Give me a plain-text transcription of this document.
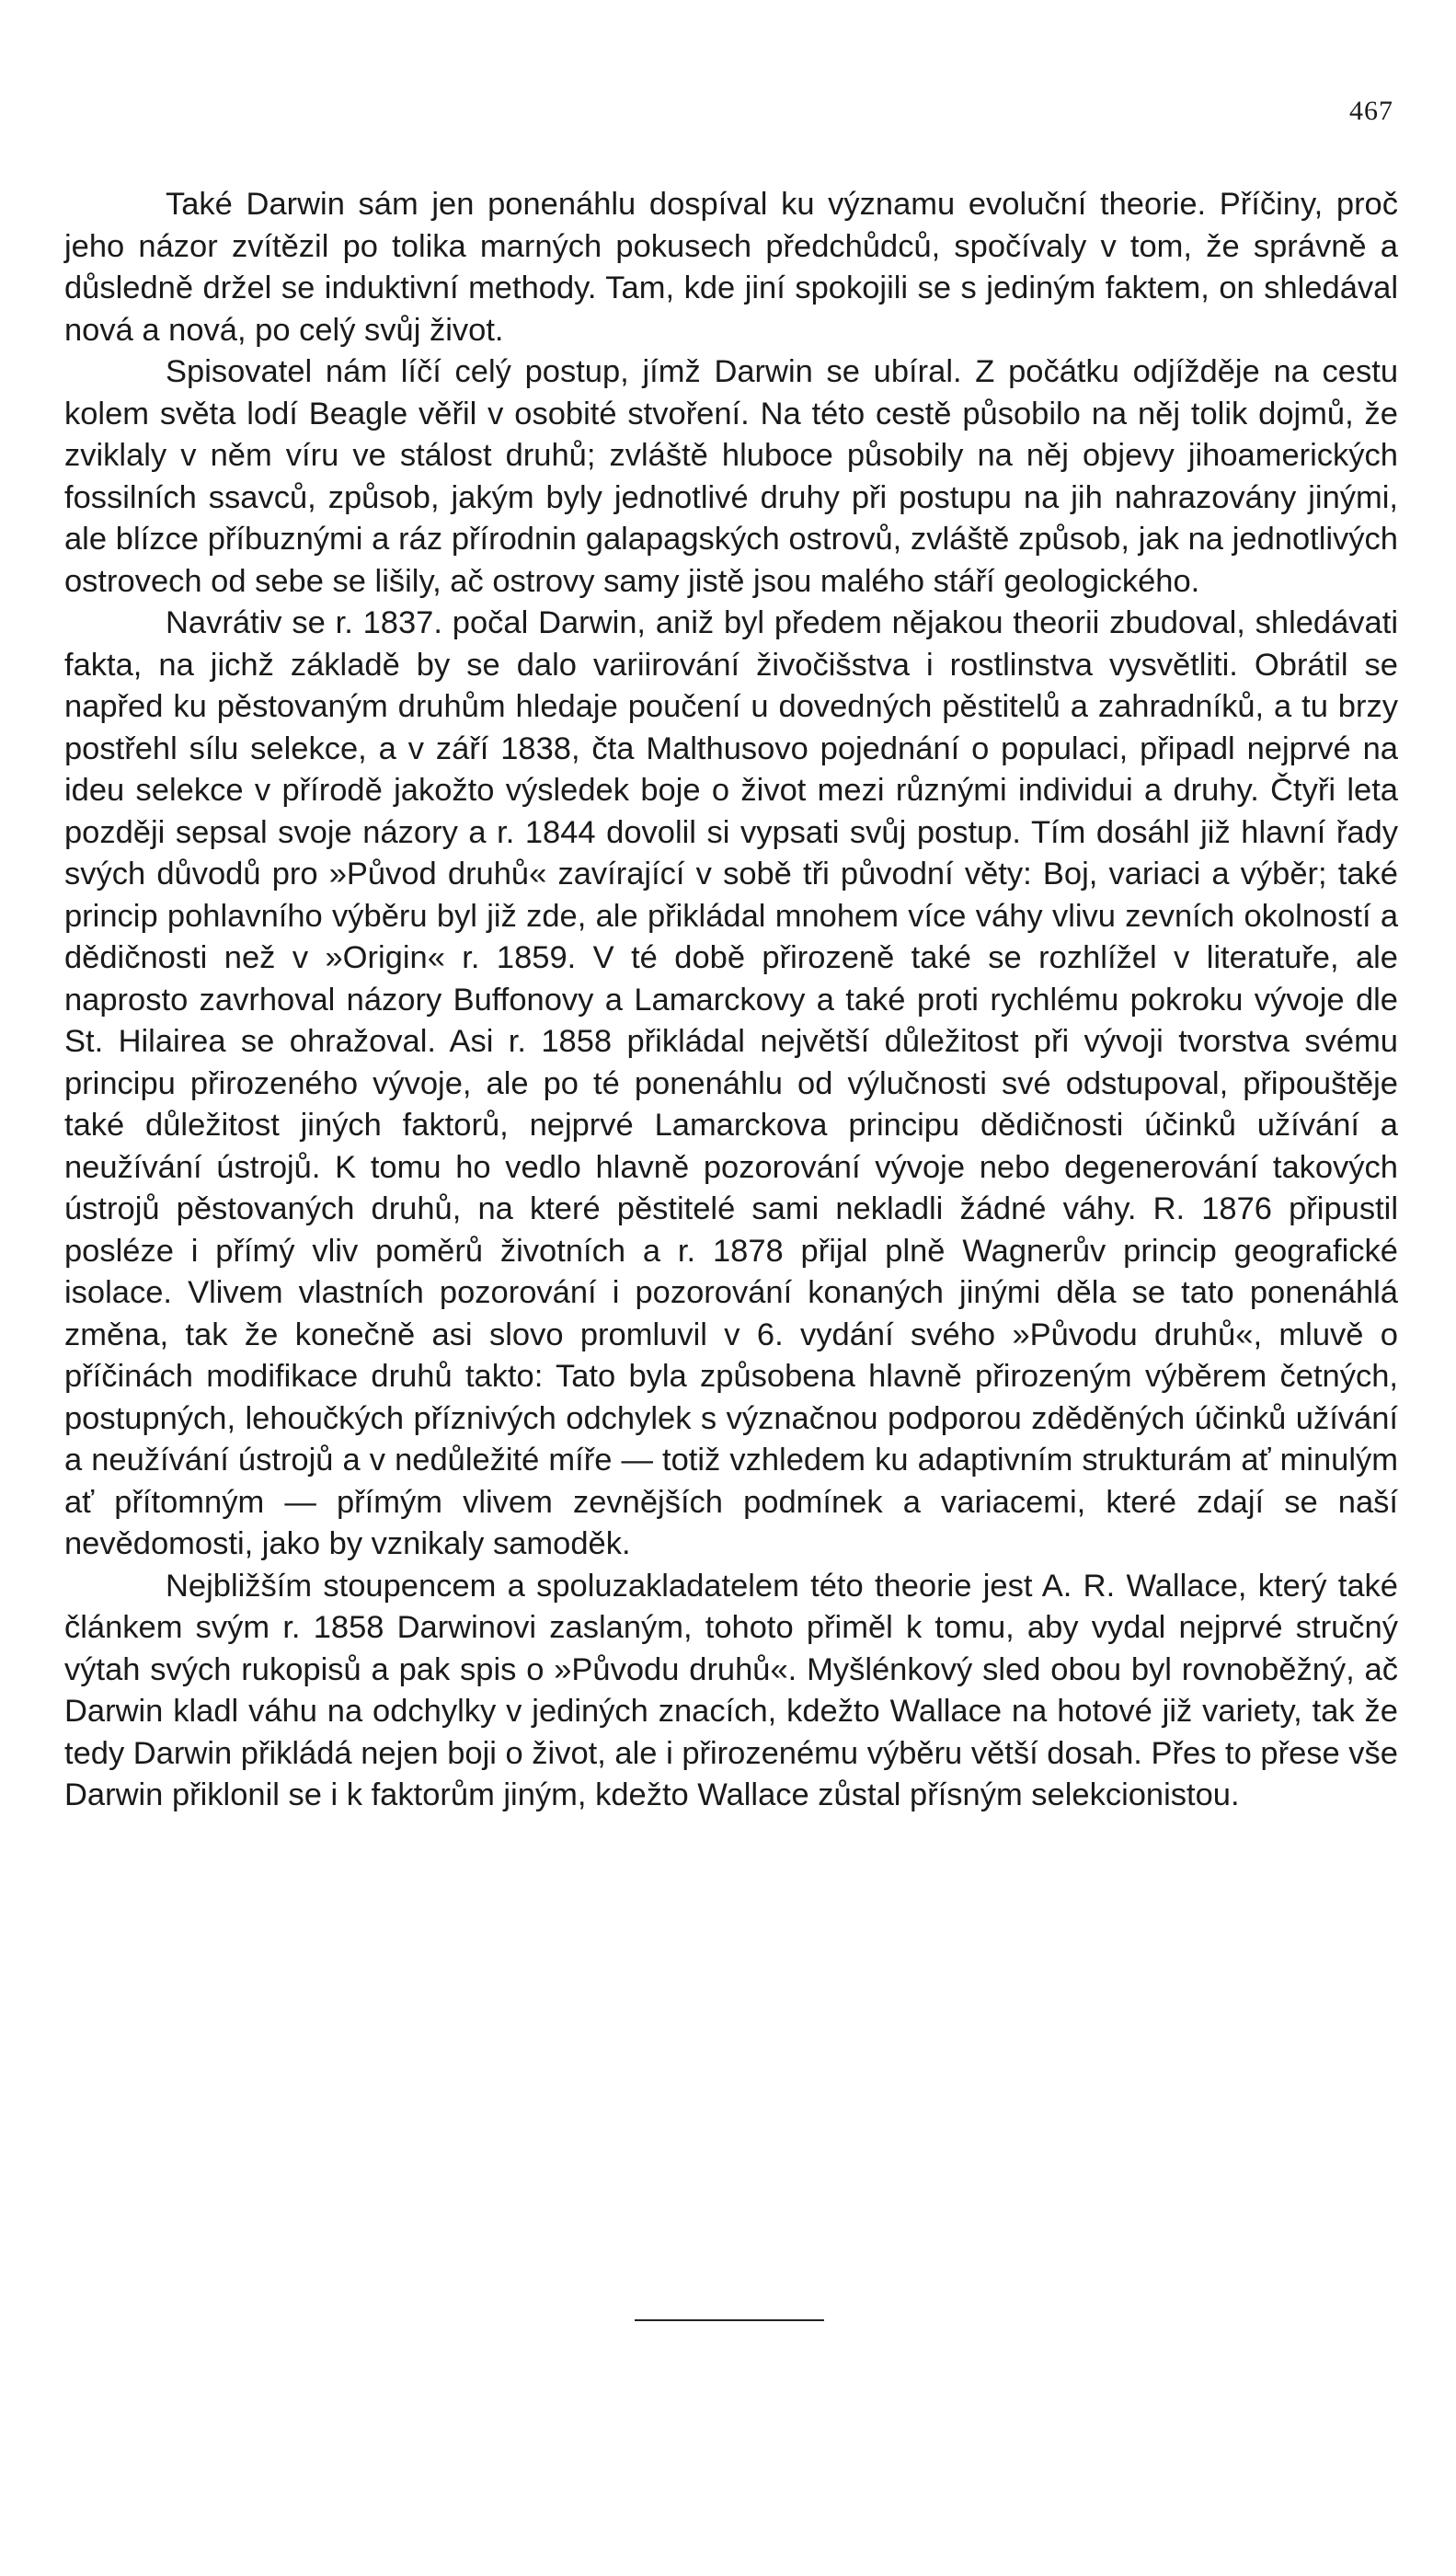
467

Také Darwin sám jen ponenáhlu dospíval ku významu evoluční theorie. Příčiny, proč jeho názor zvítězil po tolika marných pokusech předchůdců, spočívaly v tom, že správně a důsledně držel se induktivní methody. Tam, kde jiní spokojili se s jediným faktem, on shledával nová a nová, po celý svůj život.

Spisovatel nám líčí celý postup, jímž Darwin se ubíral. Z počátku odjížděje na cestu kolem světa lodí Beagle věřil v osobité stvoření. Na této cestě působilo na něj tolik dojmů, že zviklaly v něm víru ve stálost druhů; zvláště hluboce působily na něj objevy jihoamerických fossilních ssavců, způsob, jakým byly jednotlivé druhy při postupu na jih nahrazovány jinými, ale blízce příbuznými a ráz přírodnin galapagských ostrovů, zvláště způsob, jak na jednotlivých ostrovech od sebe se lišily, ač ostrovy samy jistě jsou malého stáří geologického.

Navrátiv se r. 1837. počal Darwin, aniž byl předem nějakou theorii zbudoval, shledávati fakta, na jichž základě by se dalo variirování živočišstva i rostlinstva vysvětliti. Obrátil se napřed ku pěstovaným druhům hledaje poučení u dovedných pěstitelů a zahradníků, a tu brzy postřehl sílu selekce, a v září 1838, čta Malthusovo pojednání o populaci, připadl nejprvé na ideu selekce v přírodě jakožto výsledek boje o život mezi různými individui a druhy. Čtyři leta později sepsal svoje názory a r. 1844 dovolil si vypsati svůj postup. Tím dosáhl již hlavní řady svých důvodů pro »Původ druhů« zavírající v sobě tři původní věty: Boj, variaci a výběr; také princip pohlavního výběru byl již zde, ale přikládal mnohem více váhy vlivu zevních okolností a dědičnosti než v »Origin« r. 1859. V té době přirozeně také se rozhlížel v literatuře, ale naprosto zavrhoval názory Buffonovy a Lamarckovy a také proti rychlému pokroku vývoje dle St. Hilairea se ohražoval. Asi r. 1858 přikládal největší důležitost při vývoji tvorstva svému principu přirozeného vývoje, ale po té ponenáhlu od výlučnosti své odstupoval, připouštěje také důležitost jiných faktorů, nejprvé Lamarckova principu dědičnosti účinků užívání a neužívání ústrojů. K tomu ho vedlo hlavně pozorování vývoje nebo degenerování takových ústrojů pěstovaných druhů, na které pěstitelé sami nekladli žádné váhy. R. 1876 připustil posléze i přímý vliv poměrů životních a r. 1878 přijal plně Wagnerův princip geografické isolace. Vlivem vlastních pozorování i pozorování konaných jinými děla se tato ponenáhlá změna, tak že konečně asi slovo promluvil v 6. vydání svého »Původu druhů«, mluvě o příčinách modifikace druhů takto: Tato byla způsobena hlavně přirozeným výběrem četných, postupných, lehoučkých příznivých odchylek s význačnou podporou zděděných účinků užívání a neužívání ústrojů a v nedůležité míře — totiž vzhledem ku adaptivním strukturám ať minulým ať přítomným — přímým vlivem zevnějších podmínek a variacemi, které zdají se naší nevědomosti, jako by vznikaly samoděk.

Nejbližším stoupencem a spoluzakladatelem této theorie jest A. R. Wallace, který také článkem svým r. 1858 Darwinovi zaslaným, tohoto přiměl k tomu, aby vydal nejprvé stručný výtah svých rukopisů a pak spis o »Původu druhů«. Myšlénkový sled obou byl rovnoběžný, ač Darwin kladl váhu na odchylky v jediných znacích, kdežto Wallace na hotové již variety, tak že tedy Darwin přikládá nejen boji o život, ale i přirozenému výběru větší dosah. Přes to přese vše Darwin přiklonil se i k faktorům jiným, kdežto Wallace zůstal přísným selekcionistou.
